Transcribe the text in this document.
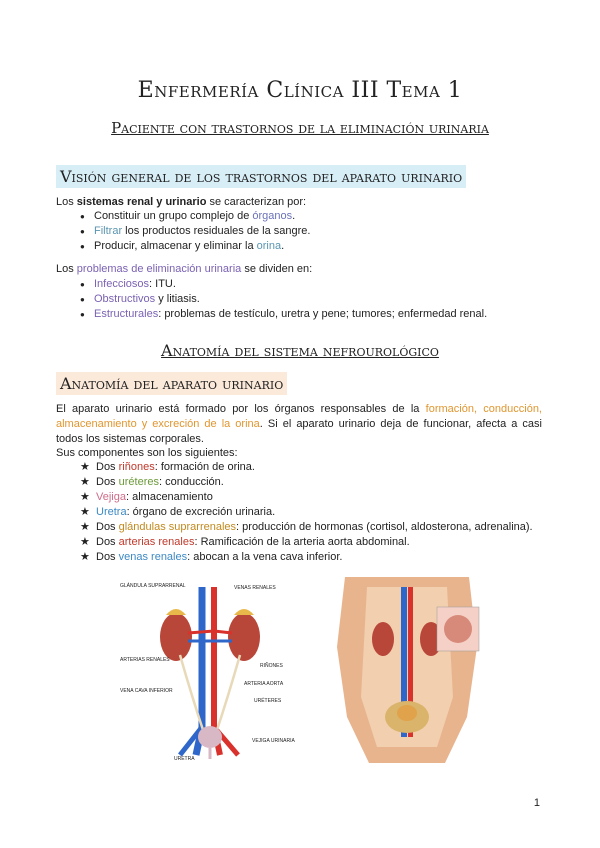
Enfermería Clínica III Tema 1
Paciente con trastornos de la eliminación urinaria
Visión general de los trastornos del aparato urinario
Los sistemas renal y urinario se caracterizan por:
● Constituir un grupo complejo de órganos.
● Filtrar los productos residuales de la sangre.
● Producir, almacenar y eliminar la orina.
Los problemas de eliminación urinaria se dividen en:
● Infecciosos: ITU.
● Obstructivos y litiasis.
● Estructurales: problemas de testículo, uretra y pene; tumores; enfermedad renal.
Anatomía del sistema nefrourológico
Anatomía del aparato urinario
El aparato urinario está formado por los órganos responsables de la formación, conducción, almacenamiento y excreción de la orina. Si el aparato urinario deja de funcionar, afecta a casi todos los sistemas corporales.
Sus componentes son los siguientes:
★ Dos riñones: formación de orina.
★ Dos uréteres: conducción.
★ Vejiga: almacenamiento
★ Uretra: órgano de excreción urinaria.
★ Dos glándulas suprarrenales: producción de hormonas (cortisol, aldosterona, adrenalina).
★ Dos arterias renales: Ramificación de la arteria aorta abdominal.
★ Dos venas renales: abocan a la vena cava inferior.
GLÁNDULA SUPRARRENAL	VENAS RENALES
ARTERIAS RENALES
RIÑONES
ARTERIA AORTA
VENA CAVA INFERIOR
URÉTERES
VEJIGA URINARIA
URETRA
1
